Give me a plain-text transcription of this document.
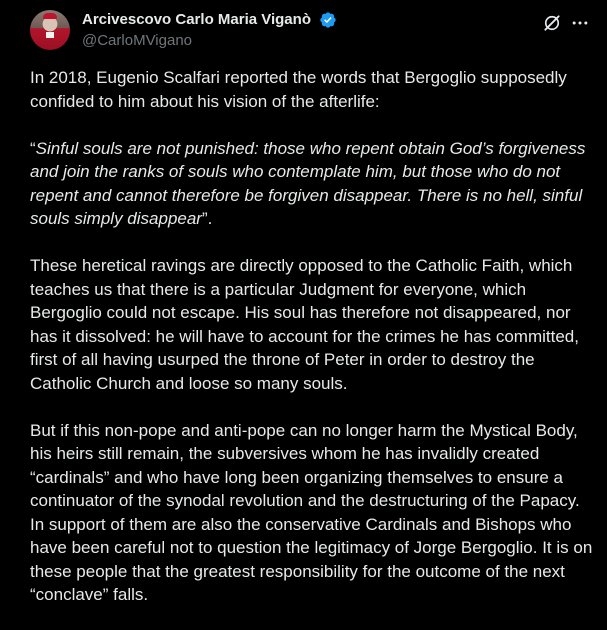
Arcivescovo Carlo Maria Viganò
@CarloMVigano

In 2018, Eugenio Scalfari reported the words that Bergoglio supposedly confided to him about his vision of the afterlife:

“Sinful souls are not punished: those who repent obtain God’s forgiveness and join the ranks of souls who contemplate him, but those who do not repent and cannot therefore be forgiven disappear. There is no hell, sinful souls simply disappear”.

These heretical ravings are directly opposed to the Catholic Faith, which teaches us that there is a particular Judgment for everyone, which Bergoglio could not escape. His soul has therefore not disappeared, nor has it dissolved: he will have to account for the crimes he has committed, first of all having usurped the throne of Peter in order to destroy the Catholic Church and loose so many souls.

But if this non-pope and anti-pope can no longer harm the Mystical Body, his heirs still remain, the subversives whom he has invalidly created “cardinals” and who have long been organizing themselves to ensure a continuator of the synodal revolution and the destructuring of the Papacy. In support of them are also the conservative Cardinals and Bishops who have been careful not to question the legitimacy of Jorge Bergoglio. It is on these people that the greatest responsibility for the outcome of the next “conclave” falls.
